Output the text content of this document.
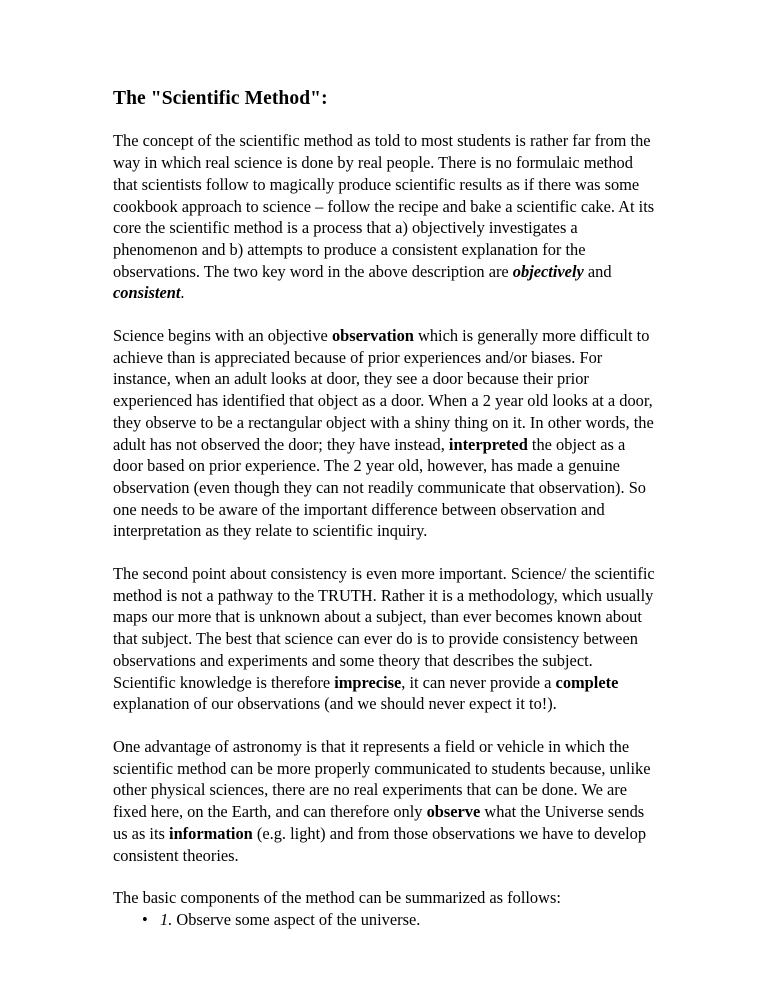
The "Scientific Method":

The concept of the scientific method as told to most students is rather far from the way in which real science is done by real people. There is no formulaic method that scientists follow to magically produce scientific results as if there was some cookbook approach to science – follow the recipe and bake a scientific cake. At its core the scientific method is a process that a) objectively investigates a phenomenon and b) attempts to produce a consistent explanation for the observations. The two key word in the above description are objectively and consistent.

Science begins with an objective observation which is generally more difficult to achieve than is appreciated because of prior experiences and/or biases. For instance, when an adult looks at door, they see a door because their prior experienced has identified that object as a door. When a 2 year old looks at a door, they observe to be a rectangular object with a shiny thing on it. In other words, the adult has not observed the door; they have instead, interpreted the object as a door based on prior experience. The 2 year old, however, has made a genuine observation (even though they can not readily communicate that observation). So one needs to be aware of the important difference between observation and interpretation as they relate to scientific inquiry.

The second point about consistency is even more important. Science/ the scientific method is not a pathway to the TRUTH. Rather it is a methodology, which usually maps our more that is unknown about a subject, than ever becomes known about that subject. The best that science can ever do is to provide consistency between observations and experiments and some theory that describes the subject. Scientific knowledge is therefore imprecise, it can never provide a complete explanation of our observations (and we should never expect it to!).

One advantage of astronomy is that it represents a field or vehicle in which the scientific method can be more properly communicated to students because, unlike other physical sciences, there are no real experiments that can be done. We are fixed here, on the Earth, and can therefore only observe what the Universe sends us as its information (e.g. light) and from those observations we have to develop consistent theories.

The basic components of the method can be summarized as follows:

• 1. Observe some aspect of the universe.
